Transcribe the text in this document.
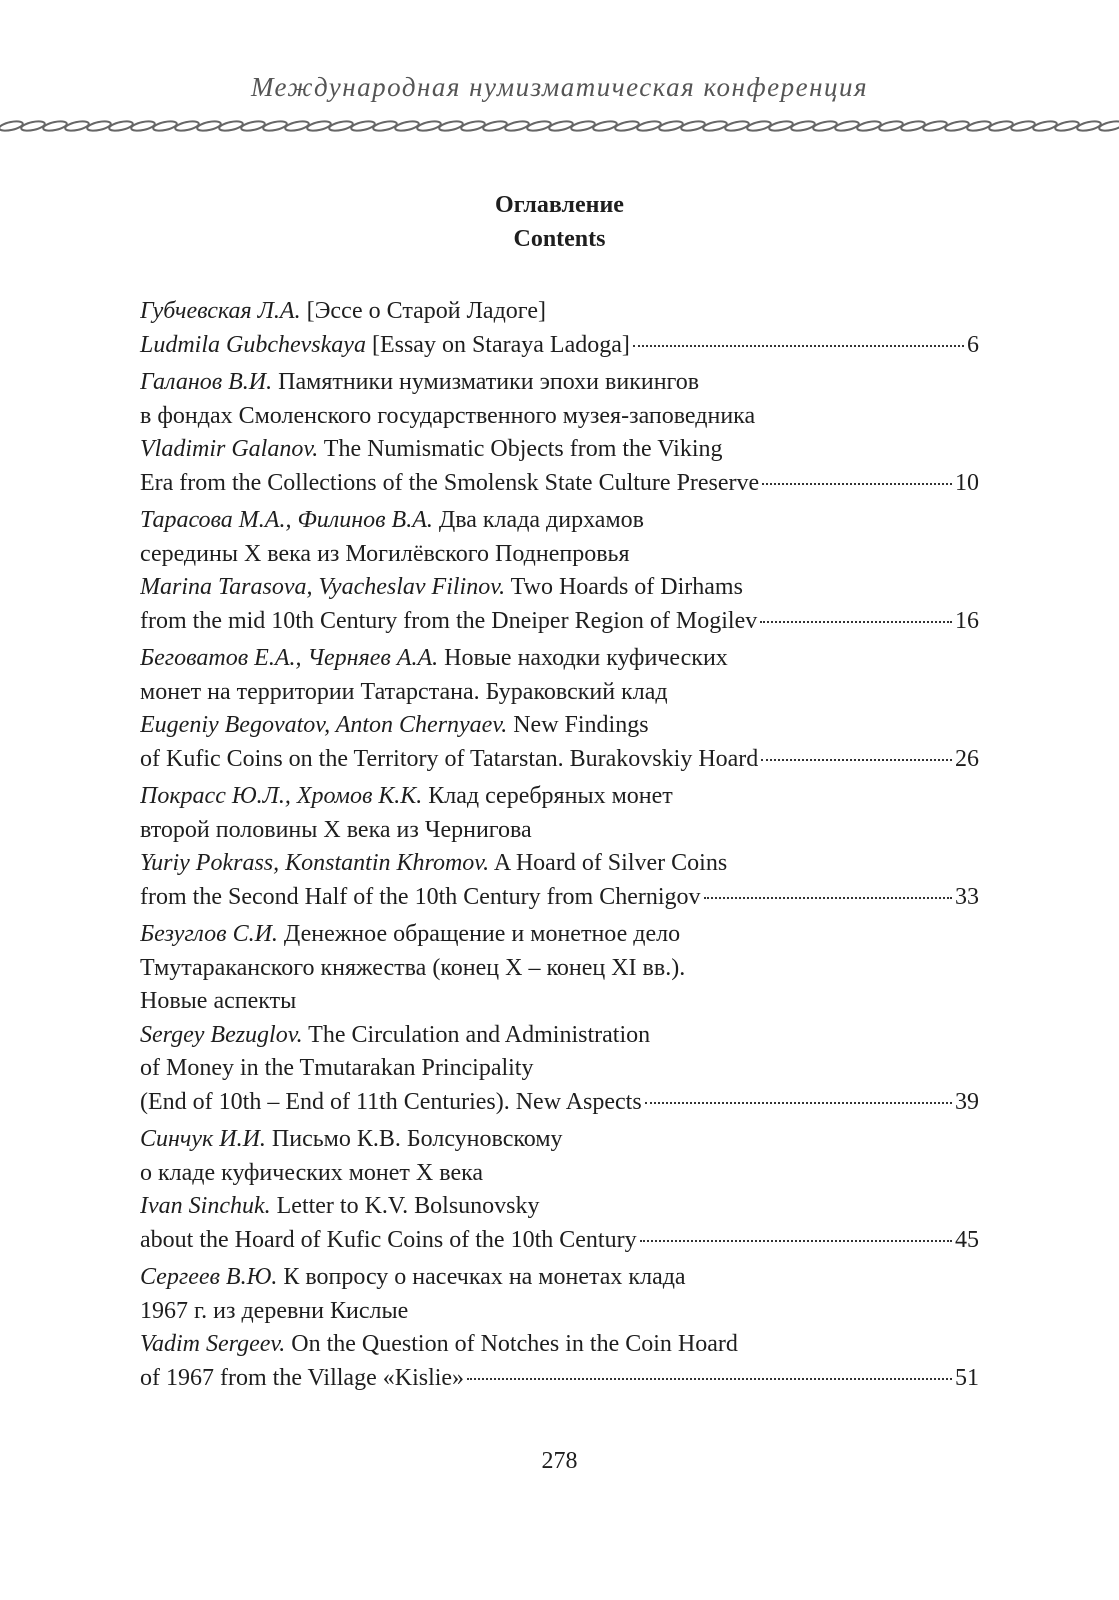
Международная нумизматическая конференция
Оглавление
Contents
Губчевская Л.А. [Эссе о Старой Ладоге]
Ludmila Gubchevskaya [Essay on Staraya Ladoga]	6
Галанов В.И. Памятники нумизматики эпохи викингов
в фондах Смоленского государственного музея-заповедника
Vladimir Galanov. The Numismatic Objects from the Viking
Era from the Collections of the Smolensk State Culture Preserve	10
Тарасова М.А., Филинов В.А. Два клада дирхамов
середины X века из Могилёвского Поднепровья
Marina Tarasova, Vyacheslav Filinov. Two Hoards of Dirhams
from the mid 10th Century from the Dneiper Region of Mogilev	16
Беговатов Е.А., Черняев А.А. Новые находки куфических
монет на территории Татарстана. Бураковский клад
Eugeniy Begovatov, Anton Chernyaev. New Findings
of Kufic Coins on the Territory of Tatarstan. Burakovskiy Hoard	26
Покрасс Ю.Л., Хромов К.К. Клад серебряных монет
второй половины X века из Чернигова
Yuriy Pokrass, Konstantin Khromov. A Hoard of Silver Coins
from the Second Half of the 10th Century from Chernigov	33
Безуглов С.И. Денежное обращение и монетное дело
Тмутараканского княжества (конец X – конец XI вв.).
Новые аспекты
Sergey Bezuglov. The Circulation and Administration
of Money in the Tmutarakan Principality
(End of 10th – End of 11th Centuries). New Aspects	39
Синчук И.И. Письмо К.В. Болсуновскому
о кладе куфических монет X века
Ivan Sinchuk. Letter to K.V. Bolsunovsky
about the Hoard of Kufic Coins of the 10th Century	45
Сергеев В.Ю. К вопросу о насечках на монетах клада
1967 г. из деревни Кислые
Vadim Sergeev. On the Question of Notches in the Coin Hoard
of 1967 from the Village «Kislie»	51
278
